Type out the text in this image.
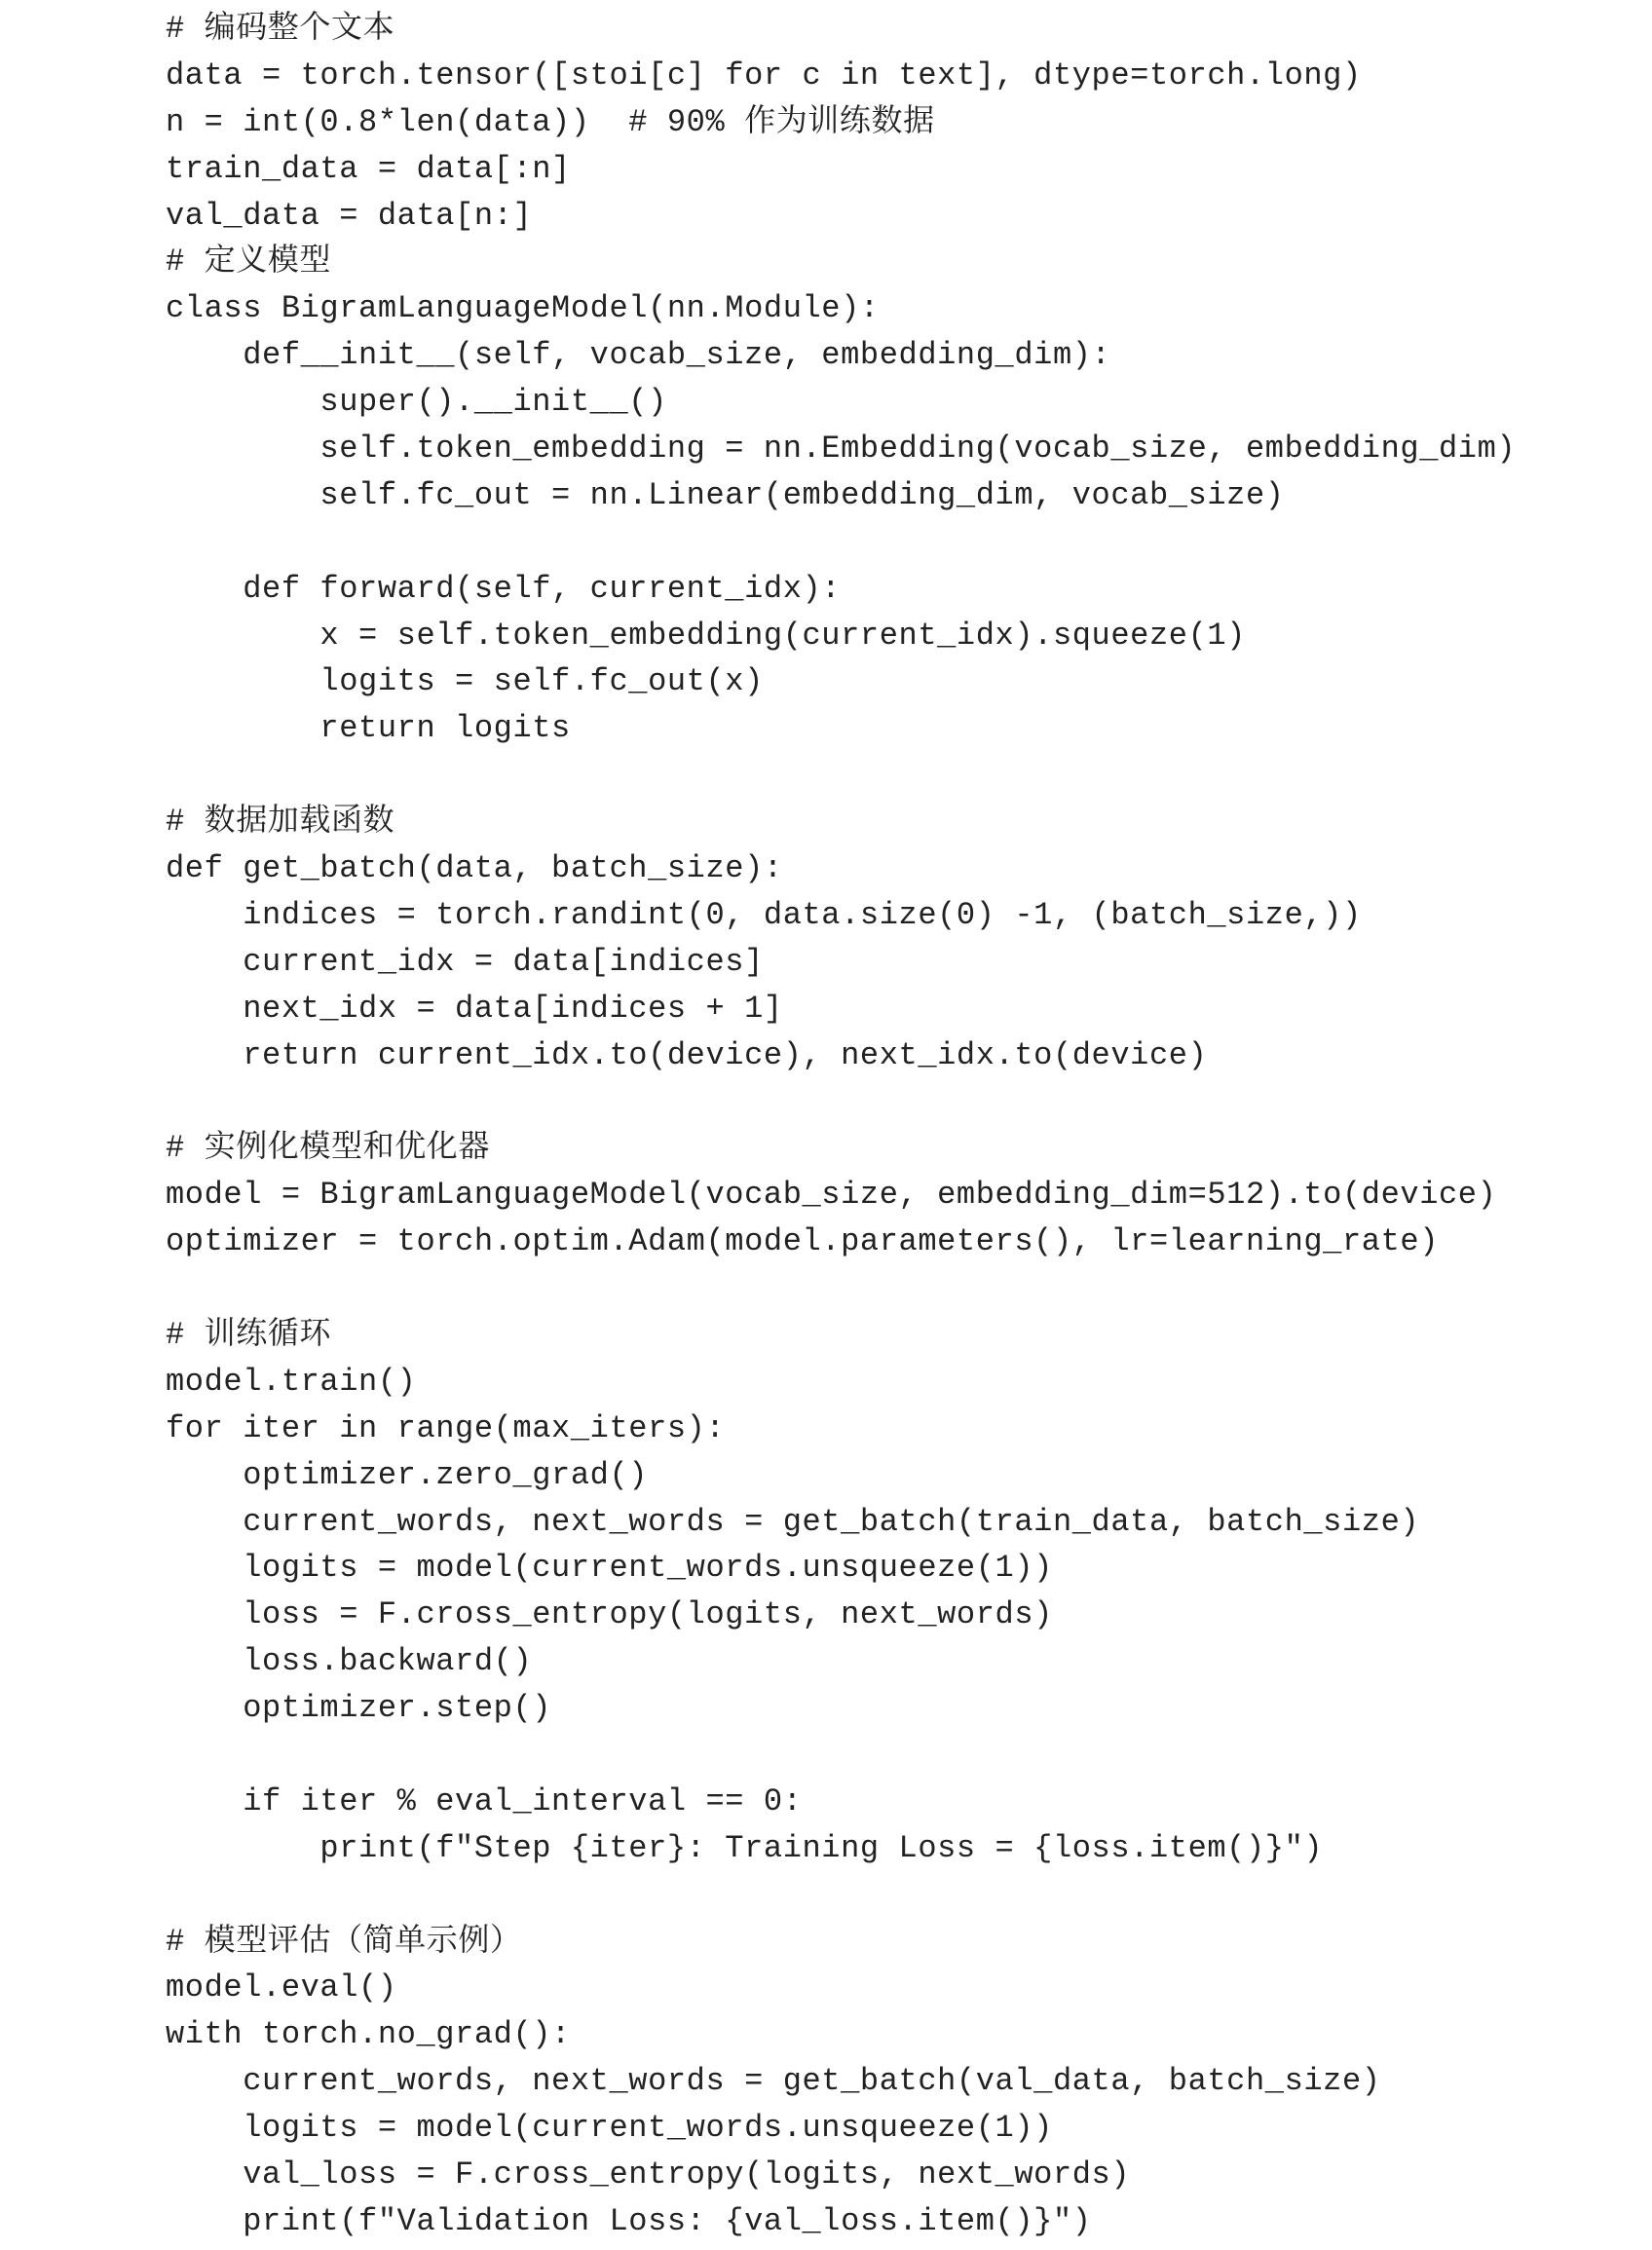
# 编码整个文本
data = torch.tensor([stoi[c] for c in text], dtype=torch.long)
n = int(0.8*len(data))  # 90% 作为训练数据
train_data = data[:n]
val_data = data[n:]
# 定义模型
class BigramLanguageModel(nn.Module):
def__init__(self, vocab_size, embedding_dim):
super().__init__()
self.token_embedding = nn.Embedding(vocab_size, embedding_dim)
self.fc_out = nn.Linear(embedding_dim, vocab_size)
def forward(self, current_idx):
x = self.token_embedding(current_idx).squeeze(1)
logits = self.fc_out(x)
return logits
# 数据加载函数
def get_batch(data, batch_size):
indices = torch.randint(0, data.size(0) -1, (batch_size,))
current_idx = data[indices]
next_idx = data[indices + 1]
return current_idx.to(device), next_idx.to(device)
# 实例化模型和优化器
model = BigramLanguageModel(vocab_size, embedding_dim=512).to(device)
optimizer = torch.optim.Adam(model.parameters(), lr=learning_rate)
# 训练循环
model.train()
for iter in range(max_iters):
optimizer.zero_grad()
current_words, next_words = get_batch(train_data, batch_size)
logits = model(current_words.unsqueeze(1))
loss = F.cross_entropy(logits, next_words)
loss.backward()
optimizer.step()
if iter % eval_interval == 0:
print(f"Step {iter}: Training Loss = {loss.item()}")
# 模型评估（简单示例）
model.eval()
with torch.no_grad():
current_words, next_words = get_batch(val_data, batch_size)
logits = model(current_words.unsqueeze(1))
val_loss = F.cross_entropy(logits, next_words)
print(f"Validation Loss: {val_loss.item()}")
